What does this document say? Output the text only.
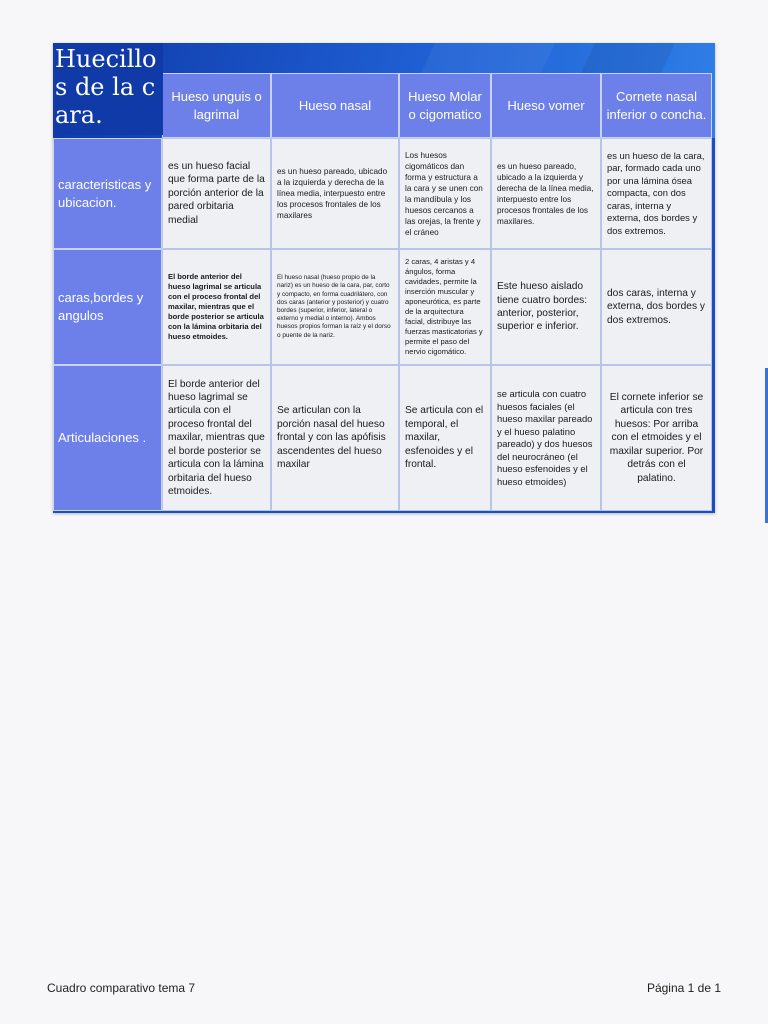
Hueso unguis o lagrimal
Hueso nasal
Hueso Molar o cigomatico
Hueso vomer
Cornete nasal inferior o concha.
caracteristicas y ubicacion.
es un hueso facial que forma parte de la porción anterior de la pared orbitaria medial
es un hueso pareado, ubicado a la izquierda y derecha de la línea media, interpuesto entre los procesos frontales de los maxilares
Los huesos cigomáticos dan forma y estructura a la cara y se unen con la mandíbula y los huesos cercanos a las orejas, la frente y el cráneo
es un hueso pareado, ubicado a la izquierda y derecha de la línea media, interpuesto entre los procesos frontales de los maxilares.
es un hueso de la cara, par, formado cada uno por una lámina ósea compacta, con dos caras, interna y externa, dos bordes y dos extremos.
caras,bordes y angulos
El borde anterior del hueso lagrimal se articula con el proceso frontal del maxilar, mientras que el borde posterior se articula con la lámina orbitaria del hueso etmoides.
El hueso nasal (hueso propio de la nariz) es un hueso de la cara, par, corto y compacto, en forma cuadrilátero, con dos caras (anterior y posterior) y cuatro bordes (superior, inferior, lateral o externo y medial o interno). Ambos huesos propios forman la raíz y el dorso o puente de la nariz.
2 caras, 4 aristas y 4 ángulos, forma cavidades, permite la inserción muscular y aponeurótica, es parte de la arquitectura facial, distribuye las fuerzas masticatorias y permite el paso del nervio cigomático.
Este hueso aislado tiene cuatro bordes: anterior, posterior, superior e inferior.
dos caras, interna y externa, dos bordes y dos extremos.
Articulaciones .
El borde anterior del hueso lagrimal se articula con el proceso frontal del maxilar, mientras que el borde posterior se articula con la lámina orbitaria del hueso etmoides.
Se articulan con la porción nasal del hueso frontal y con las apófisis ascendentes del hueso maxilar
Se articula con el temporal, el maxilar, esfenoides y el frontal.
se articula con cuatro huesos faciales (el hueso maxilar pareado y el hueso palatino pareado) y dos huesos del neurocráneo (el hueso esfenoides y el hueso etmoides)
El cornete inferior se articula con tres huesos: Por arriba con el etmoides y el maxilar superior. Por detrás con el palatino.
Huecillos de la cara.
Cuadro comparativo tema 7	Página 1 de 1
